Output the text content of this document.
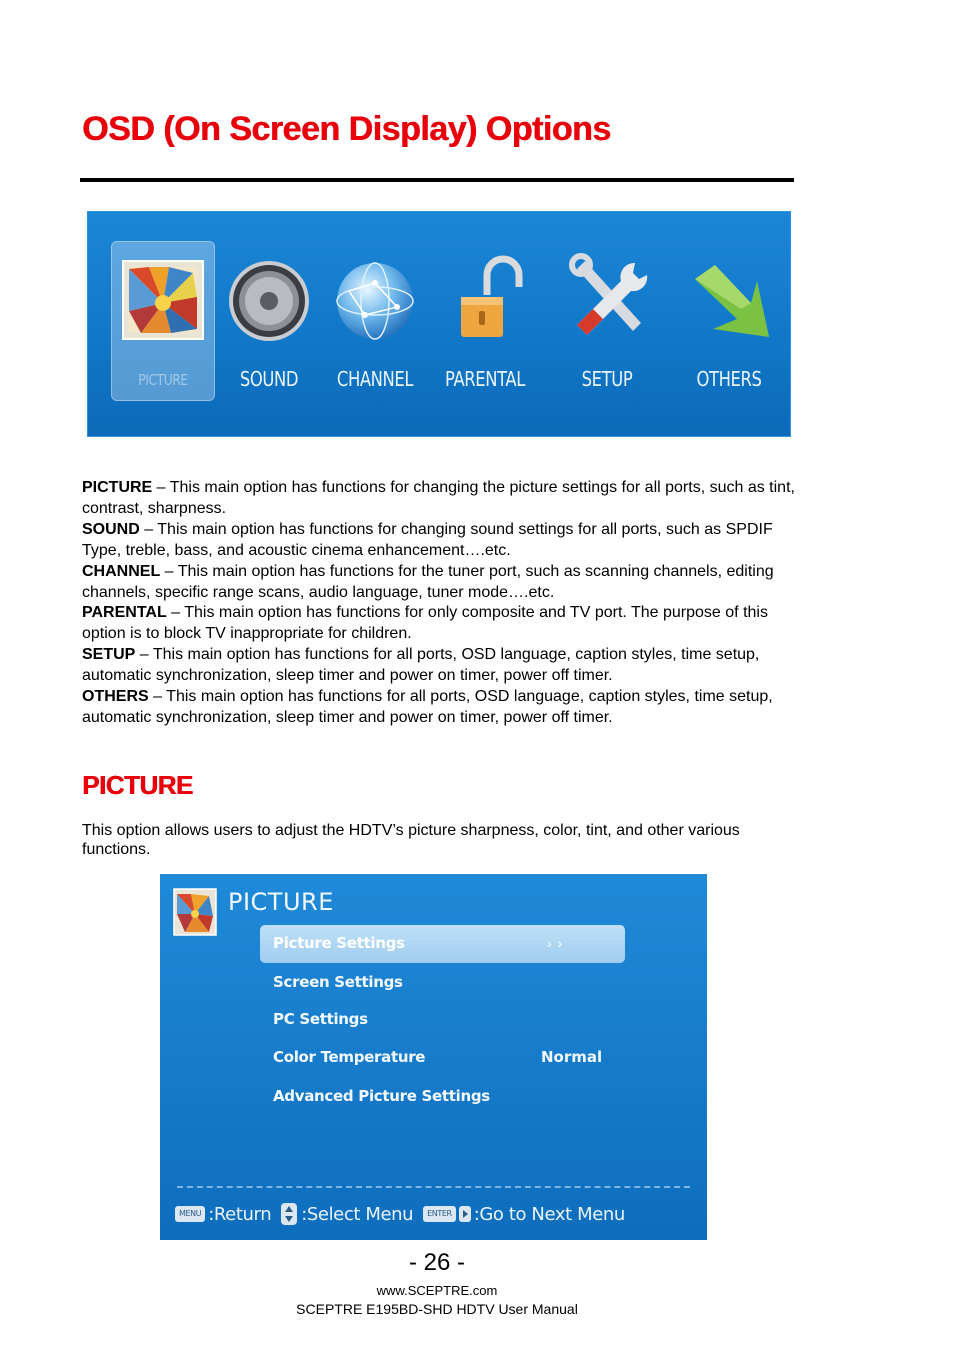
OSD (On Screen Display) Options
PICTURE	SOUND	CHANNEL PARENTAL	SETUP	OTHERS

PICTURE – This main option has functions for changing the picture settings for all ports, such as tint, contrast, sharpness.

SOUND – This main option has functions for changing sound settings for all ports, such as SPDIF Type, treble, bass, and acoustic cinema enhancement….etc.

CHANNEL – This main option has functions for the tuner port, such as scanning channels, editing channels, specific range scans, audio language, tuner mode….etc.

PARENTAL – This main option has functions for only composite and TV port. The purpose of this option is to block TV inappropriate for children.

SETUP – This main option has functions for all ports, OSD language, caption styles, time setup, automatic synchronization, sleep timer and power on timer, power off timer.

OTHERS – This main option has functions for all ports, OSD language, caption styles, time setup, automatic synchronization, sleep timer and power on timer, power off timer.

PICTURE
This option allows users to adjust the HDTV’s picture sharpness, color, tint, and other various functions.
PICTURE
Picture Settings	› ›
Screen Settings
PC Settings
Color Temperature	Normal
Advanced Picture Settings
MENU :Return :Select Menu	ENTER :Go to Next Menu
- 26 -
www.SCEPTRE.com
SCEPTRE E195BD-SHD HDTV User Manual
